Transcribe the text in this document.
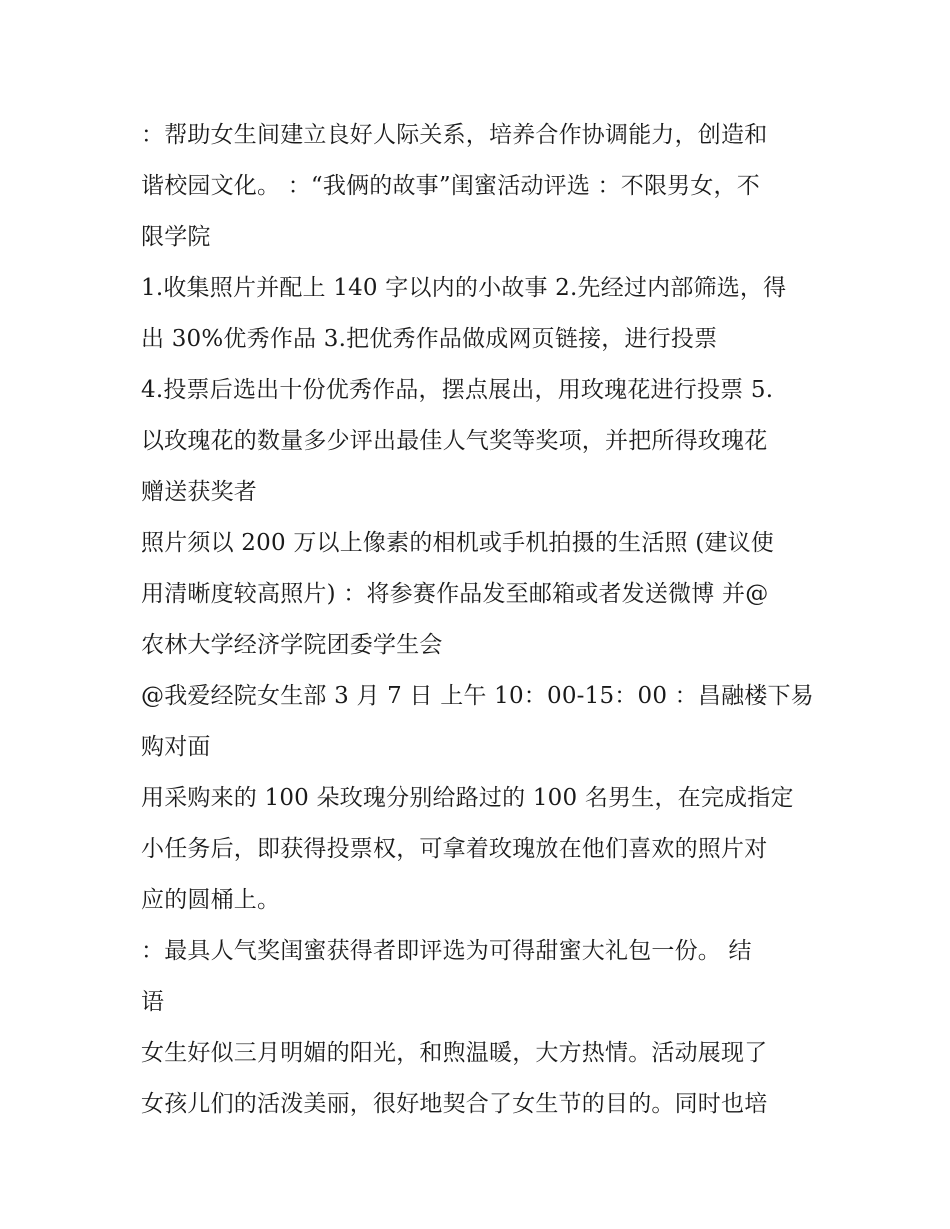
：帮助女生间建立良好人际关系，培养合作协调能力，创造和
谐校园文化。 ：“我俩的故事”闺蜜活动评选 ：不限男女，不
限学院
1.收集照片并配上 140 字以内的小故事 2.先经过内部筛选，得
出 30%优秀作品 3.把优秀作品做成网页链接，进行投票
4.投票后选出十份优秀作品，摆点展出，用玫瑰花进行投票 5.
以玫瑰花的数量多少评出最佳人气奖等奖项，并把所得玫瑰花
赠送获奖者
照片须以 200 万以上像素的相机或手机拍摄的生活照 (建议使
用清晰度较高照片) ：将参赛作品发至邮箱或者发送微博 并@
农林大学经济学院团委学生会
@我爱经院女生部 3 月 7 日 上午 10：00-15：00 ：昌融楼下易
购对面
用采购来的 100 朵玫瑰分别给路过的 100 名男生，在完成指定
小任务后，即获得投票权，可拿着玫瑰放在他们喜欢的照片对
应的圆桶上。
：最具人气奖闺蜜获得者即评选为可得甜蜜大礼包一份。 结
语
女生好似三月明媚的阳光，和煦温暖，大方热情。活动展现了
女孩儿们的活泼美丽，很好地契合了女生节的目的。同时也培
